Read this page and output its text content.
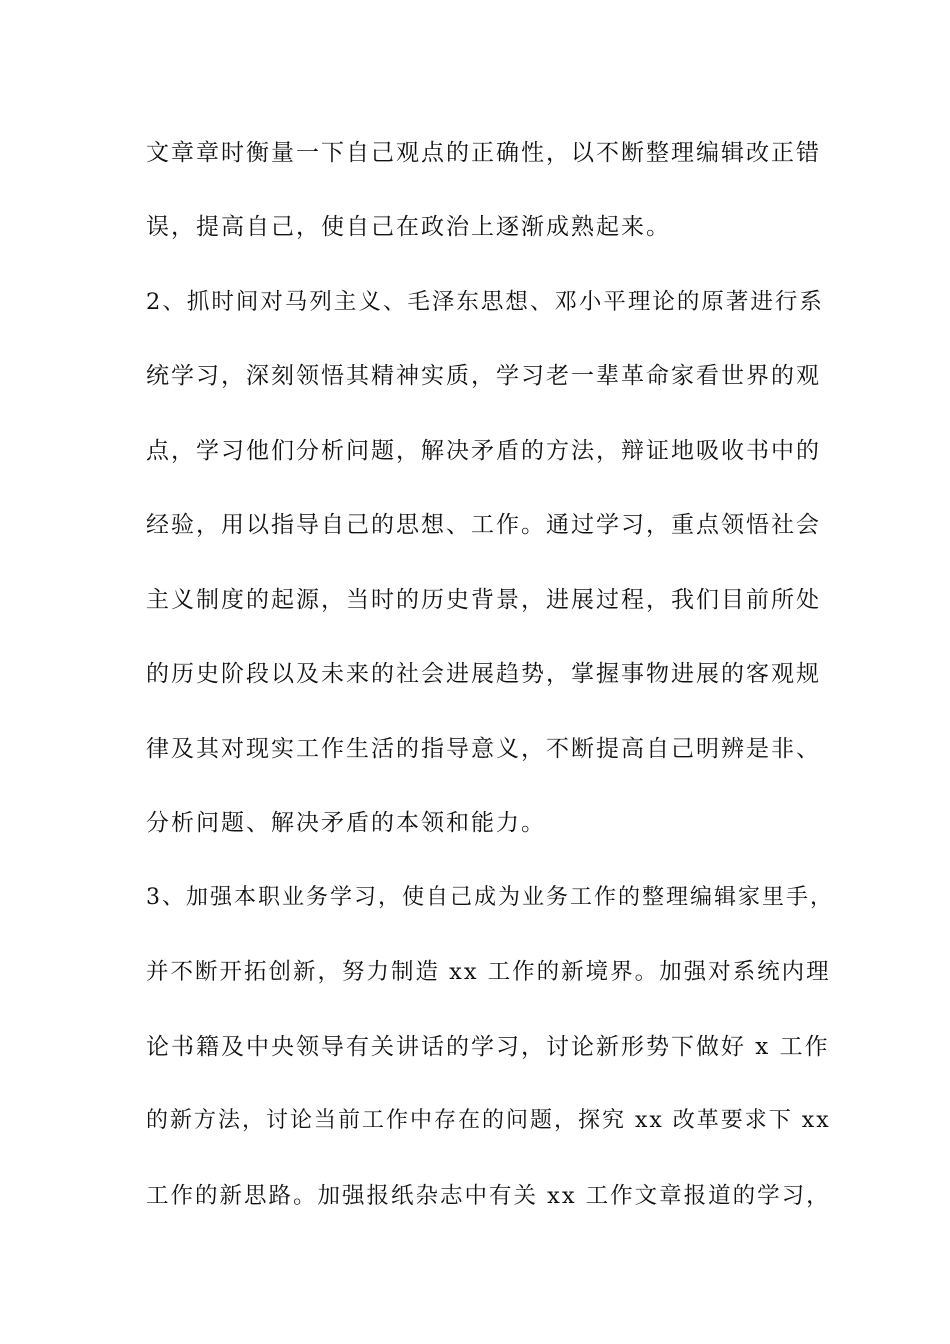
文章章时衡量一下自己观点的正确性，以不断整理编辑改正错
误，提高自己，使自己在政治上逐渐成熟起来。
2、抓时间对马列主义、毛泽东思想、邓小平理论的原著进行系
统学习，深刻领悟其精神实质，学习老一辈革命家看世界的观
点，学习他们分析问题，解决矛盾的方法，辩证地吸收书中的
经验，用以指导自己的思想、工作。通过学习，重点领悟社会
主义制度的起源，当时的历史背景，进展过程，我们目前所处
的历史阶段以及未来的社会进展趋势，掌握事物进展的客观规
律及其对现实工作生活的指导意义，不断提高自己明辨是非、
分析问题、解决矛盾的本领和能力。
3、加强本职业务学习，使自己成为业务工作的整理编辑家里手，
并不断开拓创新，努力制造 xx 工作的新境界。加强对系统内理
论书籍及中央领导有关讲话的学习，讨论新形势下做好 x 工作
的新方法，讨论当前工作中存在的问题，探究 xx 改革要求下 xx
工作的新思路。加强报纸杂志中有关 xx 工作文章报道的学习，
